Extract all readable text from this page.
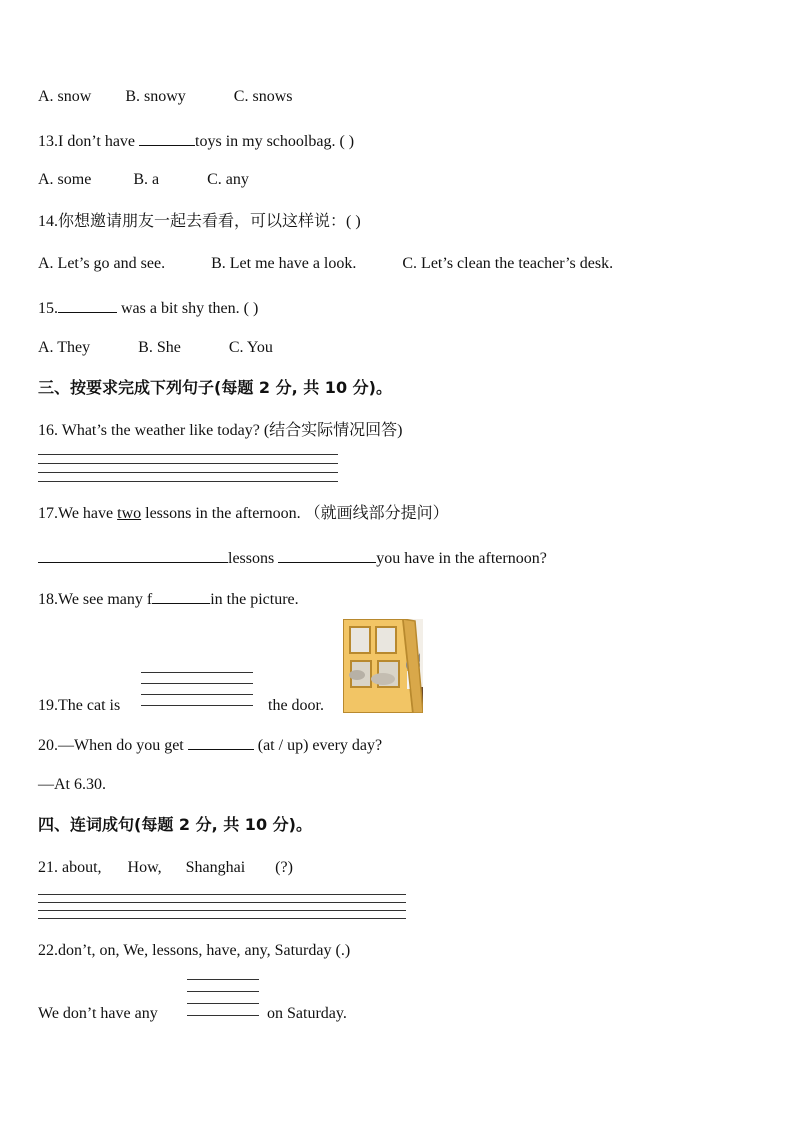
A. snow B. snowy	C. snows
13.I don’t have	toys in my schoolbag. ( )
A. some	B. a	C. any
14.你想邀请朋友一起去看看，可以这样说：( )
A. Let’s go and see.	B. Let me have a look.	C. Let’s clean the teacher’s desk.
15.	was a bit shy then. ( )
A. They	B. She	C. You
三、按要求完成下列句子(每题 2 分, 共 10 分)。
16. What’s the weather like today? (结合实际情况回答)
17.We have two lessons in the afternoon. （就画线部分提问）
lessons	you have in the afternoon?
18.We see many f	in the picture.
19.The cat is	the door.
20.—When do you get	(at / up) every day?
—At 6.30.
四、连词成句(每题 2 分, 共 10 分)。
21. about, How, Shanghai (?)
22.don’t, on, We, lessons, have, any, Saturday (.)
We don’t have any	on Saturday.
